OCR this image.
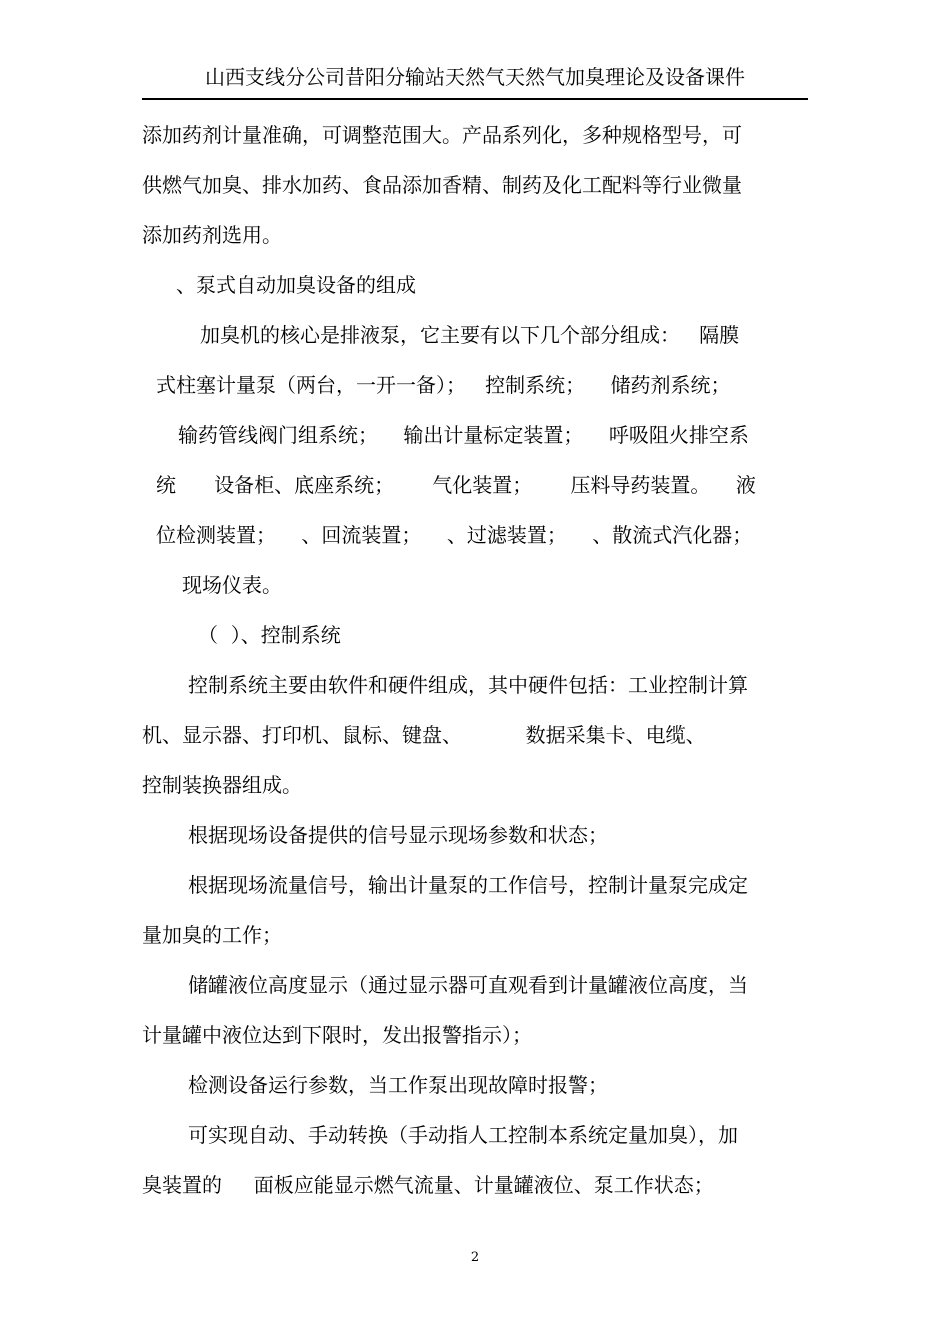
山西支线分公司昔阳分输站天然气天然气加臭理论及设备课件
添加药剂计量准确，可调整范围大。产品系列化，多种规格型号，可
供燃气加臭、排水加药、食品添加香精、制药及化工配料等行业微量
添加药剂选用。
、泵式自动加臭设备的组成
加臭机的核心是排液泵，它主要有以下几个部分组成：   隔膜
式柱塞计量泵（两台，一开一备）；   控制系统；    储药剂系统；
输药管线阀门组系统；    输出计量标定装置；    呼吸阻火排空系
统      设备柜、底座系统；      气化装置；      压料导药装置。    液
位检测装置；    、回流装置；    、过滤装置；    、散流式汽化器；
现场仪表。
（  ）、控制系统
控制系统主要由软件和硬件组成，其中硬件包括：工业控制计算
机、显示器、打印机、鼠标、键盘、          数据采集卡、电缆、
控制装换器组成。
根据现场设备提供的信号显示现场参数和状态；
根据现场流量信号，输出计量泵的工作信号，控制计量泵完成定
量加臭的工作；
储罐液位高度显示（通过显示器可直观看到计量罐液位高度，当
计量罐中液位达到下限时，发出报警指示）；
检测设备运行参数，当工作泵出现故障时报警；
可实现自动、手动转换（手动指人工控制本系统定量加臭），加
臭装置的     面板应能显示燃气流量、计量罐液位、泵工作状态；
2
